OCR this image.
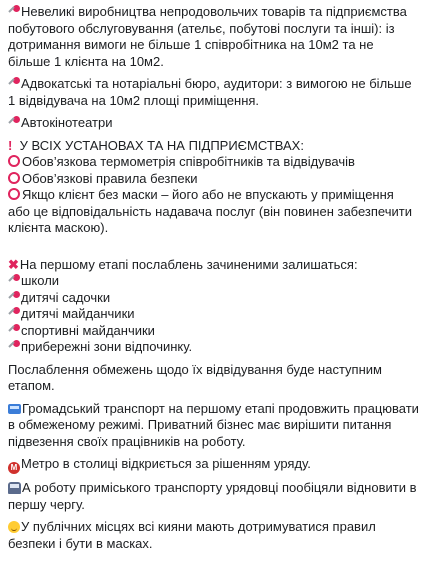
Невеликі виробництва непродовольчих товарів та підприємства побутового обслуговування (ательє, побутові послуги та інші): із дотримання вимоги не більше 1 співробітника на 10м2 та не більше 1 клієнта на 10м2.

Адвокатські та нотаріальні бюро, аудитори: з вимогою не більше 1 відвідувача на 10м2 площі приміщення.

Автокінотеатри

! У ВСІХ УСТАНОВАХ ТА НА ПІДПРИЄМСТВАХ:
Обов’язкова термометрія співробітників та відвідувачів
Обов’язкові правила безпеки
Якщо клієнт без маски – його або не впускають у приміщення або це відповідальність надавача послуг (він повинен забезпечити клієнта маскою).
✖На першому етапі послаблень зачиненими залишаться:
школи
дитячі садочки
дитячі майданчики
спортивні майданчики
прибережні зони відпочинку.

Послаблення обмежень щодо їх відвідування буде наступним етапом.

Громадський транспорт на першому етапі продовжить працювати в обмеженому режимі. Приватний бізнес має вирішити питання підвезення своїх працівників на роботу.

M Метро в столиці відкриється за рішенням уряду.

А роботу приміського транспорту урядовці пообіцяли відновити в першу чергу.

У публічних місцях всі кияни мають дотримуватися правил безпеки і бути в масках.
